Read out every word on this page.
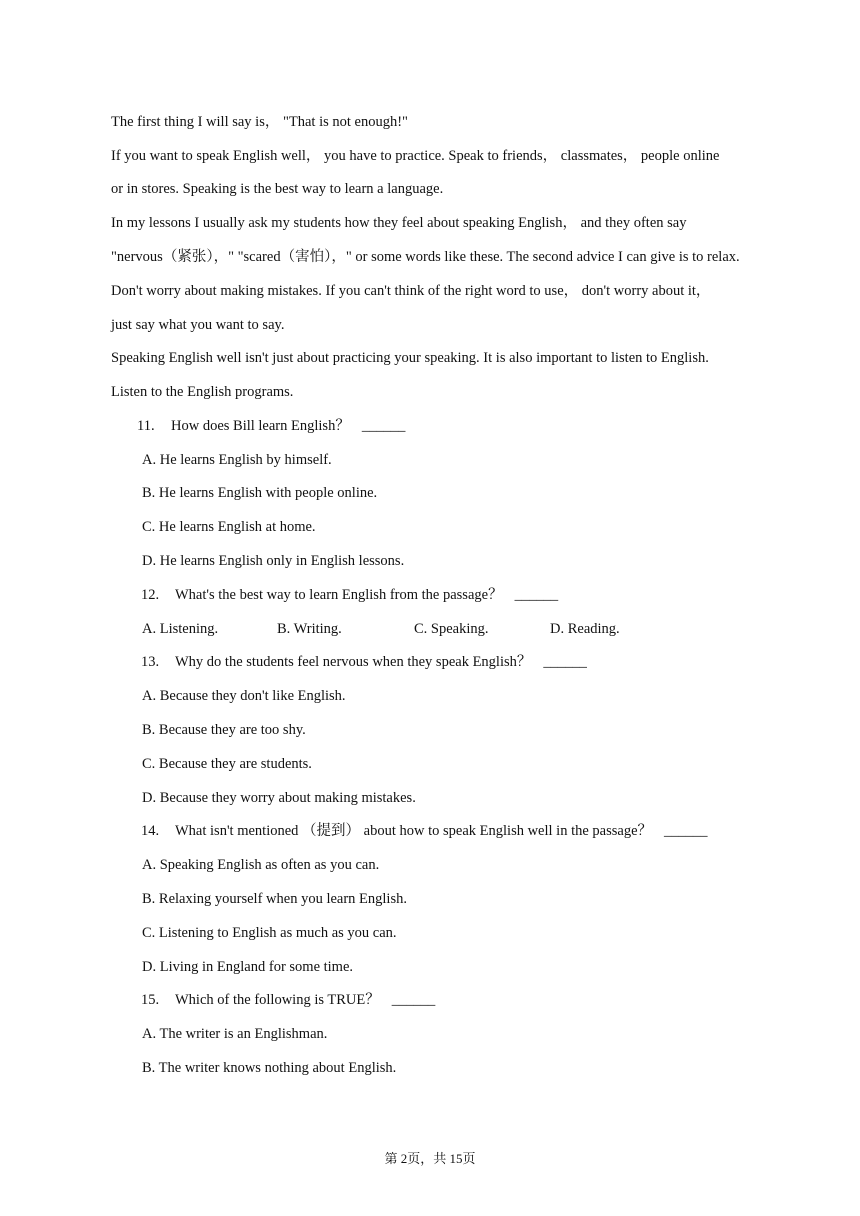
The first thing I will say is， "That is not enough!"
If you want to speak English well， you have to practice. Speak to friends， classmates， people online
or in stores. Speaking is the best way to learn a language.
In my lessons I usually ask my students how they feel about speaking English， and they often say
"nervous（紧张），" "scared（害怕），" or some words like these. The second advice I can give is to relax.
Don't worry about making mistakes. If you can't think of the right word to use， don't worry about it，
just say what you want to say.
Speaking English well isn't just about practicing your speaking. It is also important to listen to English.
Listen to the English programs.
11. How does Bill learn English？ ______
A. He learns English by himself.
B. He learns English with people online.
C. He learns English at home.
D. He learns English only in English lessons.
12. What's the best way to learn English from the passage？ ______
A. Listening.	B. Writing.	C. Speaking.	D. Reading.
13. Why do the students feel nervous when they speak English？ ______
A. Because they don't like English.
B. Because they are too shy.
C. Because they are students.
D. Because they worry about making mistakes.
14. What isn't mentioned （提到） about how to speak English well in the passage？ ______
A. Speaking English as often as you can.
B. Relaxing yourself when you learn English.
C. Listening to English as much as you can.
D. Living in England for some time.
15. Which of the following is TRUE？ ______
A. The writer is an Englishman.
B. The writer knows nothing about English.
第 2页，共 15页
